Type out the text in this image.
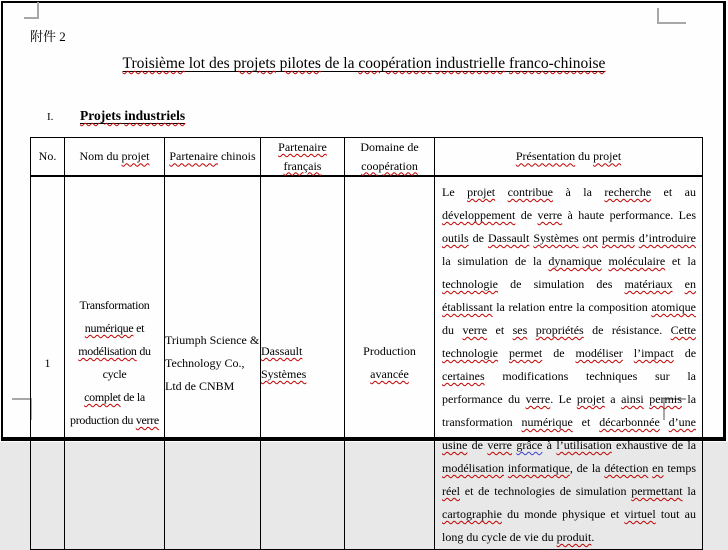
附件 2
Troisième lot des projets pilotes de la coopération industrielle franco-chinoise
I. Projets industriels
No.	Nom du projet	Partenaire chinois	Partenaire français	Domaine de coopération	Présentation du projet
1	Transformation
numérique et
modélisation du cycle
complet de la
production du verre	Triumph Science &
Technology Co.,
Ltd de CNBM	Dassault
Systèmes	Production avancée	Le projet contribue à la recherche et au développement de verre à haute performance. Les outils de Dassault Systèmes ont permis d’introduire la simulation de la dynamique moléculaire et la technologie de simulation des matériaux en établissant la relation entre la composition atomique du verre et ses propriétés de résistance. Cette technologie permet de modéliser l’impact de certaines modifications techniques sur la performance du verre. Le projet a ainsi permis la transformation numérique et décarbonnée d’une usine de verre grâce à l’utilisation exhaustive de la modélisation informatique, de la détection en temps réel et de technologies de simulation permettant la cartographie du monde physique et virtuel tout au long du cycle de vie du produit.
